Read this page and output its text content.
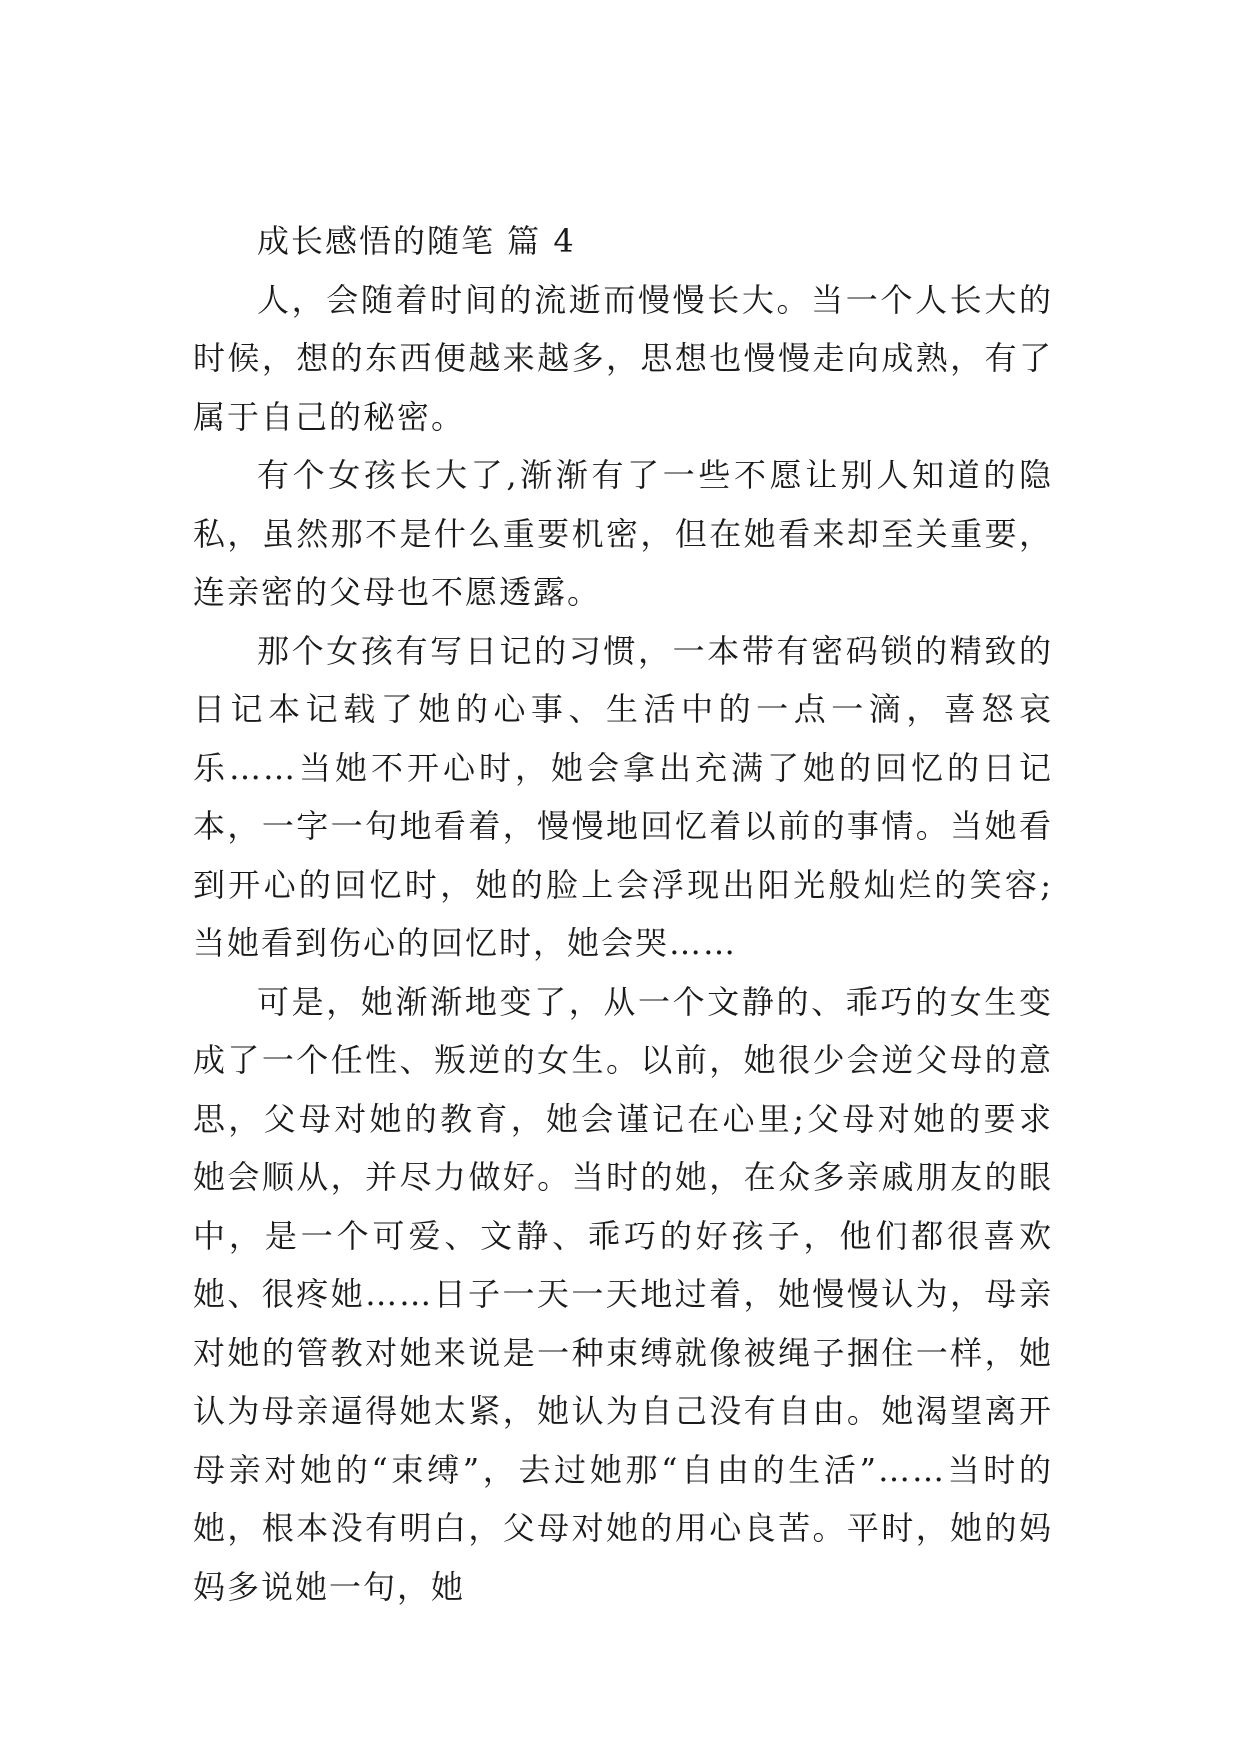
成长感悟的随笔 篇 4

人，会随着时间的流逝而慢慢长大。当一个人长大的时候，想的东西便越来越多，思想也慢慢走向成熟，有了属于自己的秘密。

有个女孩长大了,渐渐有了一些不愿让别人知道的隐私，虽然那不是什么重要机密，但在她看来却至关重要，连亲密的父母也不愿透露。

那个女孩有写日记的习惯，一本带有密码锁的精致的日记本记载了她的心事、生活中的一点一滴，喜怒哀乐……当她不开心时，她会拿出充满了她的回忆的日记本，一字一句地看着，慢慢地回忆着以前的事情。当她看到开心的回忆时，她的脸上会浮现出阳光般灿烂的笑容;当她看到伤心的回忆时，她会哭……

可是，她渐渐地变了，从一个文静的、乖巧的女生变成了一个任性、叛逆的女生。以前，她很少会逆父母的意思，父母对她的教育，她会谨记在心里;父母对她的要求她会顺从，并尽力做好。当时的她，在众多亲戚朋友的眼中，是一个可爱、文静、乖巧的好孩子，他们都很喜欢她、很疼她……日子一天一天地过着，她慢慢认为，母亲对她的管教对她来说是一种束缚就像被绳子捆住一样，她认为母亲逼得她太紧，她认为自己没有自由。她渴望离开母亲对她的“束缚”，去过她那“自由的生活”……当时的她，根本没有明白，父母对她的用心良苦。平时，她的妈妈多说她一句，她
